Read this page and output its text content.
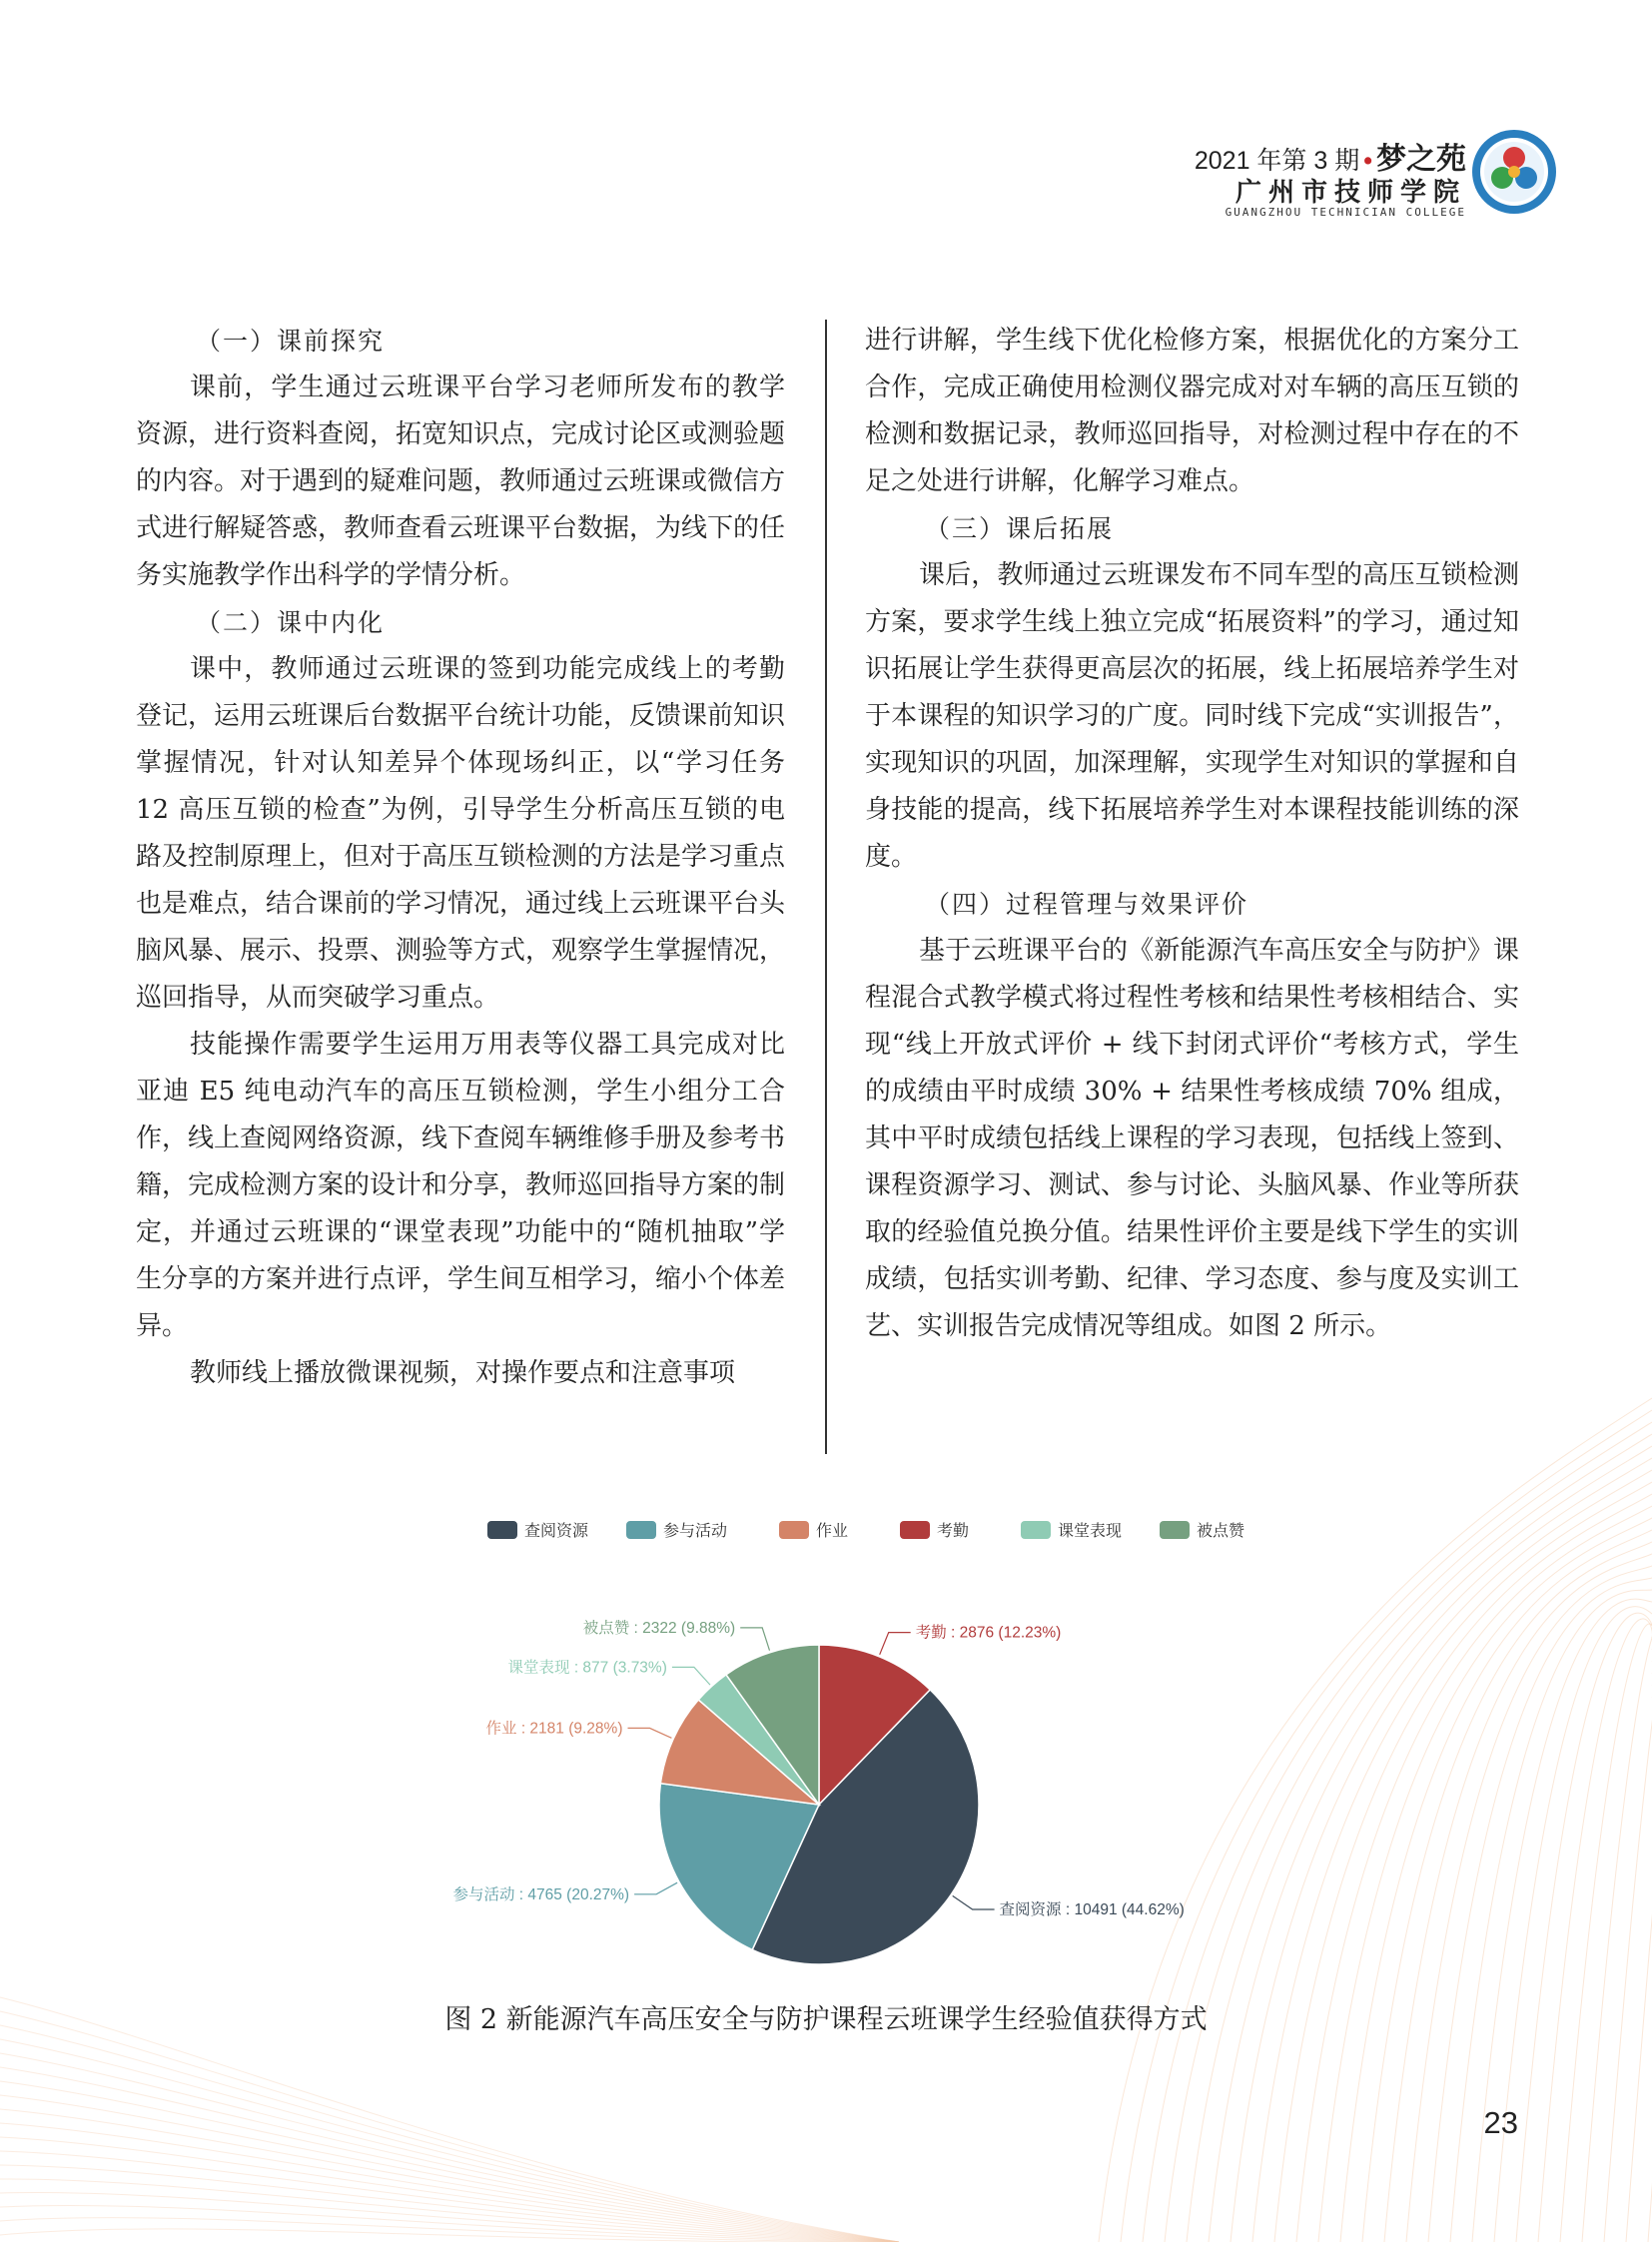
2021 年第 3 期 • 梦之苑
广州市技师学院
GUANGZHOU TECHNICIAN COLLEGE
（一）课前探究

课前，学生通过云班课平台学习老师所发布的教学资源，进行资料查阅，拓宽知识点，完成讨论区或测验题的内容。对于遇到的疑难问题，教师通过云班课或微信方式进行解疑答惑，教师查看云班课平台数据，为线下的任务实施教学作出科学的学情分析。

（二）课中内化

课中，教师通过云班课的签到功能完成线上的考勤登记，运用云班课后台数据平台统计功能，反馈课前知识掌握情况，针对认知差异个体现场纠正，以“学习任务 12 高压互锁的检查”为例，引导学生分析高压互锁的电路及控制原理上，但对于高压互锁检测的方法是学习重点也是难点，结合课前的学习情况，通过线上云班课平台头脑风暴、展示、投票、测验等方式，观察学生掌握情况，巡回指导，从而突破学习重点。

技能操作需要学生运用万用表等仪器工具完成对比亚迪 E5 纯电动汽车的高压互锁检测，学生小组分工合作，线上查阅网络资源，线下查阅车辆维修手册及参考书籍，完成检测方案的设计和分享，教师巡回指导方案的制定，并通过云班课的“课堂表现”功能中的“随机抽取”学生分享的方案并进行点评，学生间互相学习，缩小个体差异。

教师线上播放微课视频，对操作要点和注意事项

进行讲解，学生线下优化检修方案，根据优化的方案分工合作，完成正确使用检测仪器完成对对车辆的高压互锁的检测和数据记录，教师巡回指导，对检测过程中存在的不足之处进行讲解，化解学习难点。

（三）课后拓展

课后，教师通过云班课发布不同车型的高压互锁检测方案，要求学生线上独立完成“拓展资料”的学习，通过知识拓展让学生获得更高层次的拓展，线上拓展培养学生对于本课程的知识学习的广度。同时线下完成“实训报告”，实现知识的巩固，加深理解，实现学生对知识的掌握和自身技能的提高，线下拓展培养学生对本课程技能训练的深度。

（四）过程管理与效果评价

基于云班课平台的《新能源汽车高压安全与防护》课程混合式教学模式将过程性考核和结果性考核相结合、实现“线上开放式评价 + 线下封闭式评价“考核方式，学生的成绩由平时成绩 30% + 结果性考核成绩 70% 组成，其中平时成绩包括线上课程的学习表现，包括线上签到、课程资源学习、测试、参与讨论、头脑风暴、作业等所获取的经验值兑换分值。结果性评价主要是线下学生的实训成绩，包括实训考勤、纪律、学习态度、参与度及实训工艺、实训报告完成情况等组成。如图 2 所示。

查阅资源	参与活动	作业	考勤	课堂表现	被点赞
考勤 : 2876 (12.23%)
查阅资源 : 10491 (44.62%)
参与活动 : 4765 (20.27%)
作业 : 2181 (9.28%)
课堂表现 : 877 (3.73%)
被点赞 : 2322 (9.88%)
图 2 新能源汽车高压安全与防护课程云班课学生经验值获得方式
23
